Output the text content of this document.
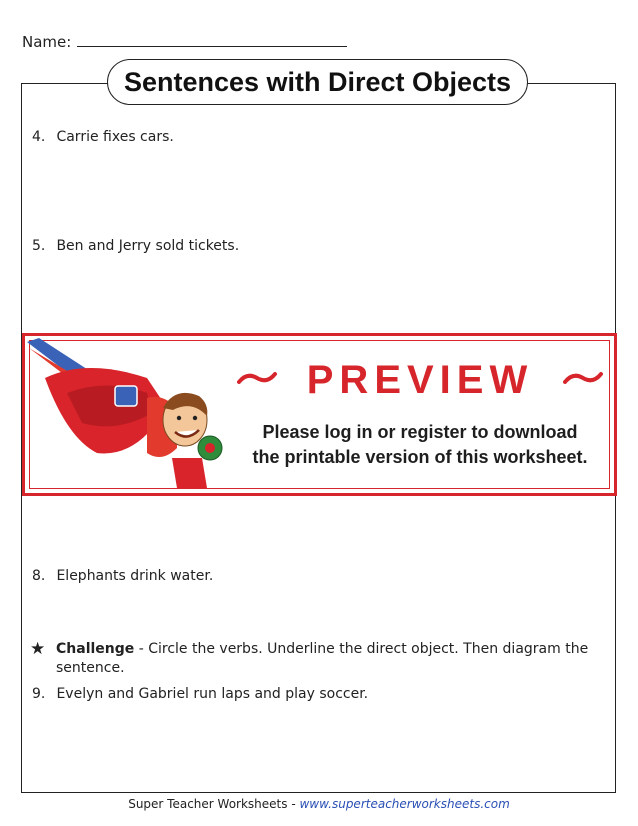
Name:
Sentences with Direct Objects
4. Carrie fixes cars.
5. Ben and Jerry sold tickets.
PREVIEW
Please log in or register to download
the printable version of this worksheet.
8. Elephants drink water.
★ Challenge - Circle the verbs. Underline the direct object. Then diagram the sentence.
9. Evelyn and Gabriel run laps and play soccer.
Super Teacher Worksheets - www.superteacherworksheets.com
